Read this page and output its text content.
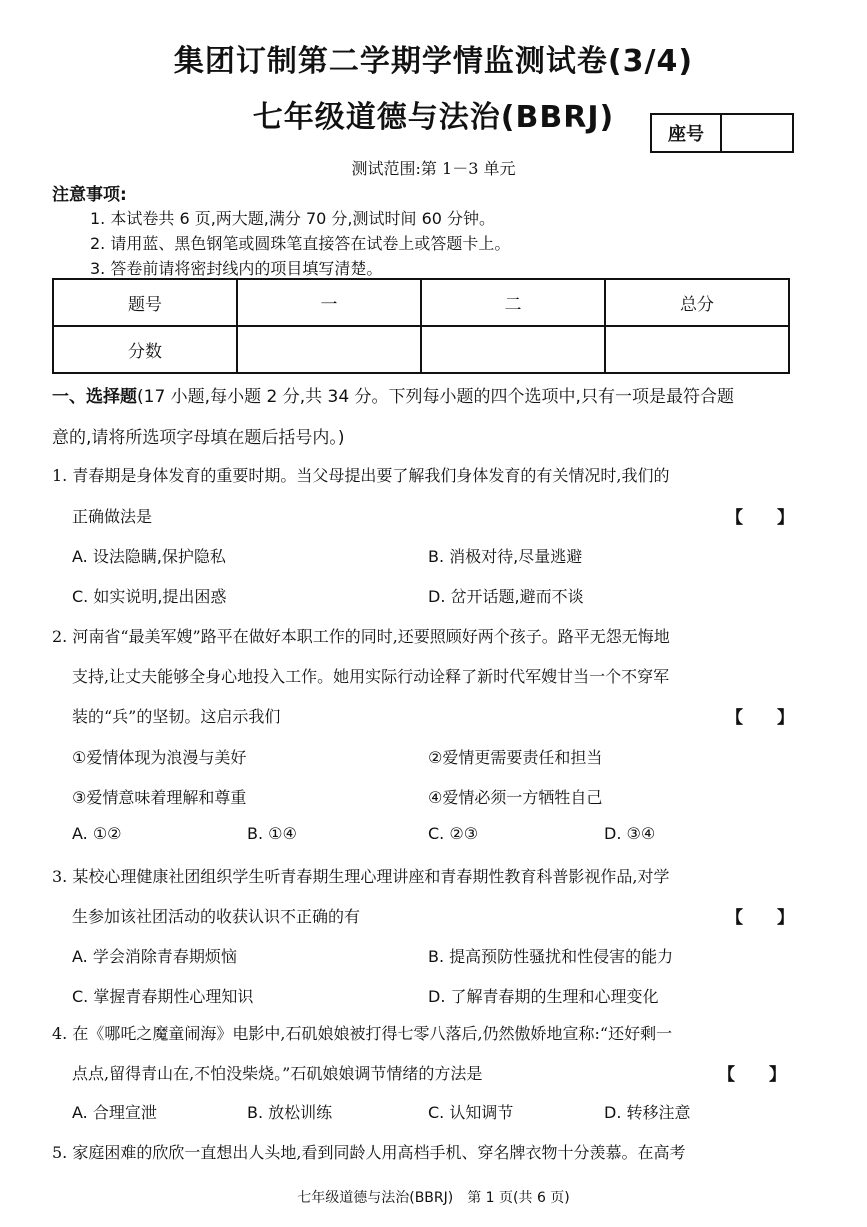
集团订制第二学期学情监测试卷(3/4)
七年级道德与法治(BBRJ)	座号
测试范围:第 1－3 单元
注意事项:
1. 本试卷共 6 页,两大题,满分 70 分,测试时间 60 分钟。
2. 请用蓝、黑色钢笔或圆珠笔直接答在试卷上或答题卡上。
3. 答卷前请将密封线内的项目填写清楚。
题号	一	二	总分
分数			
一、选择题(17 小题,每小题 2 分,共 34 分。下列每小题的四个选项中,只有一项是最符合题
意的,请将所选项字母填在题后括号内。)
1. 青春期是身体发育的重要时期。当父母提出要了解我们身体发育的有关情况时,我们的
正确做法是	【　　】
A. 设法隐瞒,保护隐私	B. 消极对待,尽量逃避
C. 如实说明,提出困惑	D. 岔开话题,避而不谈
2. 河南省“最美军嫂”路平在做好本职工作的同时,还要照顾好两个孩子。路平无怨无悔地
支持,让丈夫能够全身心地投入工作。她用实际行动诠释了新时代军嫂甘当一个不穿军
装的“兵”的坚韧。这启示我们	【　　】
①爱情体现为浪漫与美好	②爱情更需要责任和担当
③爱情意味着理解和尊重	④爱情必须一方牺牲自己
A. ①②	B. ①④	C. ②③	D. ③④
3. 某校心理健康社团组织学生听青春期生理心理讲座和青春期性教育科普影视作品,对学
生参加该社团活动的收获认识不正确的有	【　　】
A. 学会消除青春期烦恼	B. 提高预防性骚扰和性侵害的能力
C. 掌握青春期性心理知识	D. 了解青春期的生理和心理变化
4. 在《哪吒之魔童闹海》电影中,石矶娘娘被打得七零八落后,仍然傲娇地宣称:“还好剩一
点点,留得青山在,不怕没柴烧。”石矶娘娘调节情绪的方法是	【　　】
A. 合理宣泄	B. 放松训练	C. 认知调节	D. 转移注意
5. 家庭困难的欣欣一直想出人头地,看到同龄人用高档手机、穿名牌衣物十分羡慕。在高考
七年级道德与法治(BBRJ)　第 1 页(共 6 页)
